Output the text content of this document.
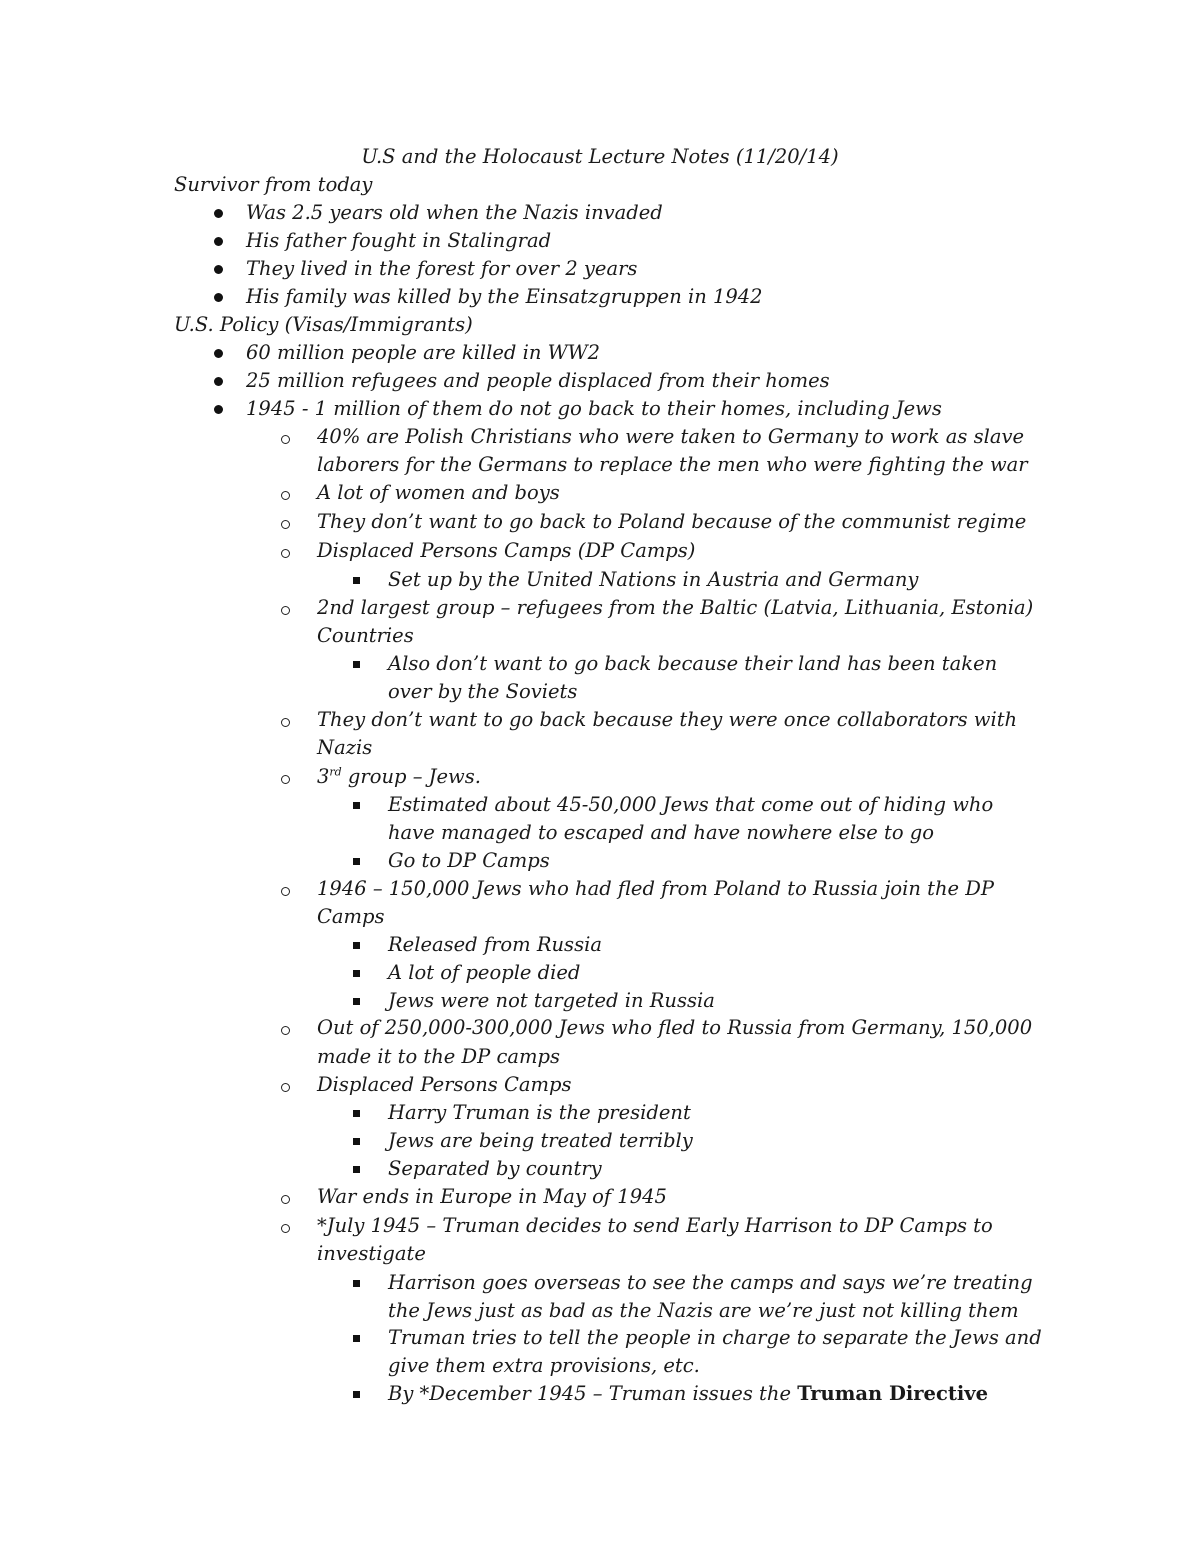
U.S and the Holocaust Lecture Notes (11/20/14)
Survivor from today
Was 2.5 years old when the Nazis invaded
His father fought in Stalingrad
They lived in the forest for over 2 years
His family was killed by the Einsatzgruppen in 1942
U.S. Policy (Visas/Immigrants)
60 million people are killed in WW2
25 million refugees and people displaced from their homes
1945 - 1 million of them do not go back to their homes, including Jews
40% are Polish Christians who were taken to Germany to work as slave
laborers for the Germans to replace the men who were fighting the war
A lot of women and boys
They don’t want to go back to Poland because of the communist regime
Displaced Persons Camps (DP Camps)
Set up by the United Nations in Austria and Germany
2nd largest group – refugees from the Baltic (Latvia, Lithuania, Estonia)
Countries
Also don’t want to go back because their land has been taken
over by the Soviets
They don’t want to go back because they were once collaborators with
Nazis
3rd group – Jews.
Estimated about 45-50,000 Jews that come out of hiding who
have managed to escaped and have nowhere else to go
Go to DP Camps
1946 – 150,000 Jews who had fled from Poland to Russia join the DP
Camps
Released from Russia
A lot of people died
Jews were not targeted in Russia
Out of 250,000-300,000 Jews who fled to Russia from Germany, 150,000
made it to the DP camps
Displaced Persons Camps
Harry Truman is the president
Jews are being treated terribly
Separated by country
War ends in Europe in May of 1945
*July 1945 – Truman decides to send Early Harrison to DP Camps to
investigate
Harrison goes overseas to see the camps and says we’re treating
the Jews just as bad as the Nazis are we’re just not killing them
Truman tries to tell the people in charge to separate the Jews and
give them extra provisions, etc.
By *December 1945 – Truman issues the Truman Directive
